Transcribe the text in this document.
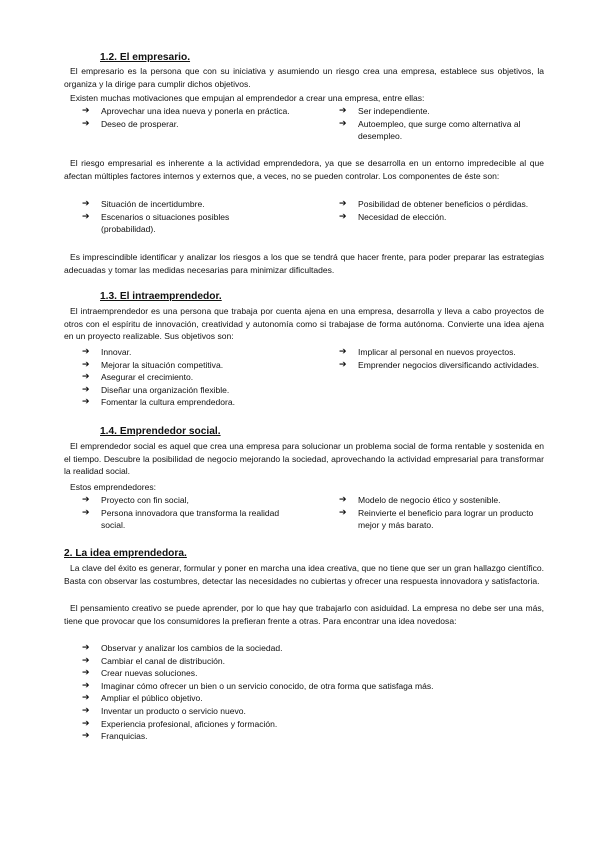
1.2. El empresario.
El empresario es la persona que con su iniciativa y asumiendo un riesgo crea una empresa, establece sus objetivos, la organiza y la dirige para cumplir dichos objetivos.
Existen muchas motivaciones que empujan al emprendedor a crear una empresa, entre ellas:
➔ Aprovechar una idea nueva y ponerla en práctica.
➔ Deseo de prosperar.
➔ Ser independiente.
➔ Autoempleo, que surge como alternativa al desempleo.
El riesgo empresarial es inherente a la actividad emprendedora, ya que se desarrolla en un entorno impredecible al que afectan múltiples factores internos y externos que, a veces, no se pueden controlar. Los componentes de éste son:
➔ Situación de incertidumbre.
➔ Escenarios o situaciones posibles (probabilidad).
➔ Posibilidad de obtener beneficios o pérdidas.
➔ Necesidad de elección.
Es imprescindible identificar y analizar los riesgos a los que se tendrá que hacer frente, para poder preparar las estrategias adecuadas y tomar las medidas necesarias para minimizar dificultades.
1.3. El intraemprendedor.
El intraemprendedor es una persona que trabaja por cuenta ajena en una empresa, desarrolla y lleva a cabo proyectos de otros con el espíritu de innovación, creatividad y autonomía como si trabajase de forma autónoma. Convierte una idea ajena en un proyecto realizable. Sus objetivos son:
➔ Innovar.
➔ Mejorar la situación competitiva.
➔ Asegurar el crecimiento.
➔ Diseñar una organización flexible.
➔ Fomentar la cultura emprendedora.
➔ Implicar al personal en nuevos proyectos.
➔ Emprender negocios diversificando actividades.
1.4. Emprendedor social.
El emprendedor social es aquel que crea una empresa para solucionar un problema social de forma rentable y sostenida en el tiempo. Descubre la posibilidad de negocio mejorando la sociedad, aprovechando la actividad empresarial para transformar la realidad social.
Estos emprendedores:
➔ Proyecto con fin social,
➔ Persona innovadora que transforma la realidad social.
➔ Modelo de negocio ético y sostenible.
➔ Reinvierte el beneficio para lograr un producto mejor y más barato.
2. La idea emprendedora.
La clave del éxito es generar, formular y poner en marcha una idea creativa, que no tiene que ser un gran hallazgo científico. Basta con observar las costumbres, detectar las necesidades no cubiertas y ofrecer una respuesta innovadora y satisfactoria.
El pensamiento creativo se puede aprender, por lo que hay que trabajarlo con asiduidad. La empresa no debe ser una más, tiene que provocar que los consumidores la prefieran frente a otras. Para encontrar una idea novedosa:
➔ Observar y analizar los cambios de la sociedad.
➔ Cambiar el canal de distribución.
➔ Crear nuevas soluciones.
➔ Imaginar cómo ofrecer un bien o un servicio conocido, de otra forma que satisfaga más.
➔ Ampliar el público objetivo.
➔ Inventar un producto o servicio nuevo.
➔ Experiencia profesional, aficiones y formación.
➔ Franquicias.
